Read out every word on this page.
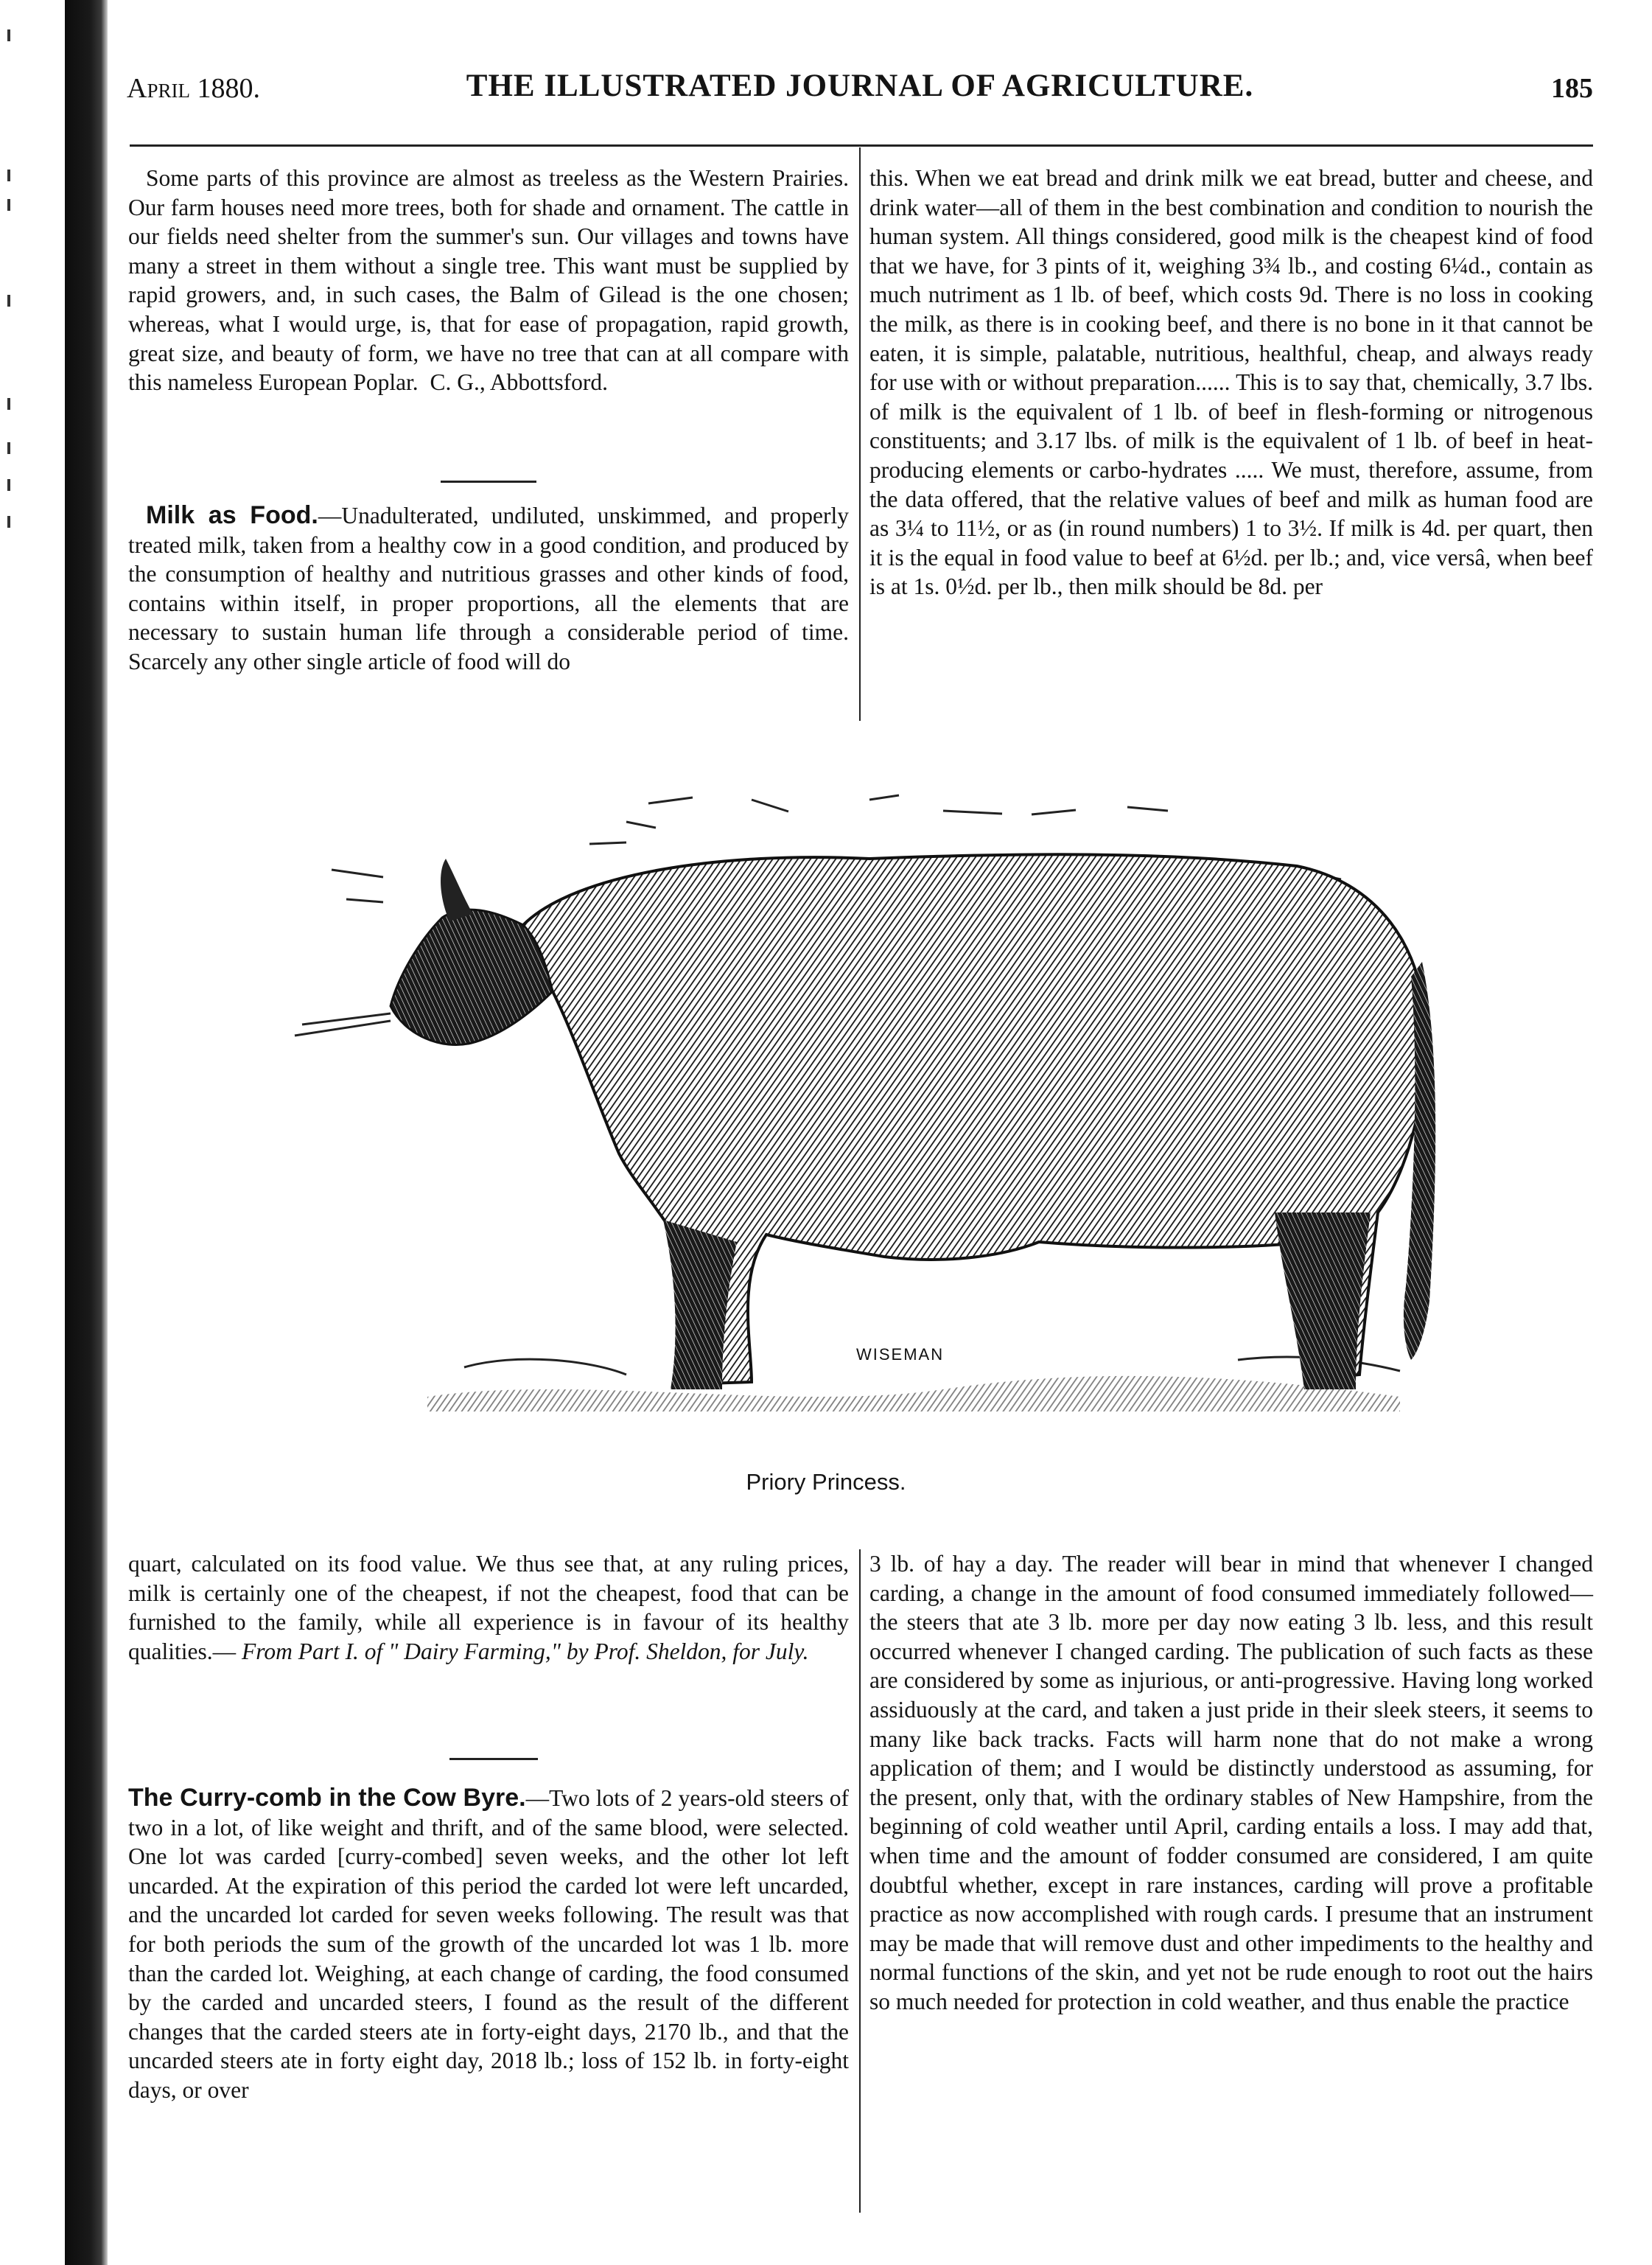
April 1880.	THE ILLUSTRATED JOURNAL OF AGRICULTURE.	185

Some parts of this province are almost as treeless as the Western Prairies. Our farm houses need more trees, both for shade and ornament. The cattle in our fields need shelter from the summer's sun. Our villages and towns have many a street in them without a single tree. This want must be supplied by rapid growers, and, in such cases, the Balm of Gilead is the one chosen; whereas, what I would urge, is, that for ease of propagation, rapid growth, great size, and beauty of form, we have no tree that can at all compare with this nameless European Poplar. C. G., Abbottsford.

Milk as Food.—Unadulterated, undiluted, unskimmed, and properly treated milk, taken from a healthy cow in a good condition, and produced by the consumption of healthy and nutritious grasses and other kinds of food, contains within itself, in proper proportions, all the elements that are necessary to sustain human life through a considerable period of time. Scarcely any other single article of food will do

this. When we eat bread and drink milk we eat bread, butter and cheese, and drink water—all of them in the best combination and condition to nourish the human system. All things considered, good milk is the cheapest kind of food that we have, for 3 pints of it, weighing 3¾ lb., and costing 6¼d., contain as much nutriment as 1 lb. of beef, which costs 9d. There is no loss in cooking the milk, as there is in cooking beef, and there is no bone in it that cannot be eaten, it is simple, palatable, nutritious, healthful, cheap, and always ready for use with or without preparation...... This is to say that, chemically, 3.7 lbs. of milk is the equivalent of 1 lb. of beef in flesh-forming or nitrogenous constituents; and 3.17 lbs. of milk is the equivalent of 1 lb. of beef in heat-producing elements or carbo-hydrates ..... We must, therefore, assume, from the data offered, that the relative values of beef and milk as human food are as 3¼ to 11½, or as (in round numbers) 1 to 3½. If milk is 4d. per quart, then it is the equal in food value to beef at 6½d. per lb.; and, vice versâ, when beef is at 1s. 0½d. per lb., then milk should be 8d. per

WISEMAN
Priory Princess.

quart, calculated on its food value. We thus see that, at any ruling prices, milk is certainly one of the cheapest, if not the cheapest, food that can be furnished to the family, while all experience is in favour of its healthy qualities.— From Part I. of " Dairy Farming," by Prof. Sheldon, for July.

The Curry-comb in the Cow Byre.—Two lots of 2 years-old steers of two in a lot, of like weight and thrift, and of the same blood, were selected. One lot was carded [curry-combed] seven weeks, and the other lot left uncarded. At the expiration of this period the carded lot were left uncarded, and the uncarded lot carded for seven weeks following. The result was that for both periods the sum of the growth of the uncarded lot was 1 lb. more than the carded lot. Weighing, at each change of carding, the food consumed by the carded and uncarded steers, I found as the result of the different changes that the carded steers ate in forty-eight days, 2170 lb., and that the uncarded steers ate in forty eight day, 2018 lb.; loss of 152 lb. in forty-eight days, or over

3 lb. of hay a day. The reader will bear in mind that whenever I changed carding, a change in the amount of food consumed immediately followed—the steers that ate 3 lb. more per day now eating 3 lb. less, and this result occurred whenever I changed carding. The publication of such facts as these are considered by some as injurious, or anti-progressive. Having long worked assiduously at the card, and taken a just pride in their sleek steers, it seems to many like back tracks. Facts will harm none that do not make a wrong application of them; and I would be distinctly understood as assuming, for the present, only that, with the ordinary stables of New Hampshire, from the beginning of cold weather until April, carding entails a loss. I may add that, when time and the amount of fodder consumed are considered, I am quite doubtful whether, except in rare instances, carding will prove a profitable practice as now accomplished with rough cards. I presume that an instrument may be made that will remove dust and other impediments to the healthy and normal functions of the skin, and yet not be rude enough to root out the hairs so much needed for protection in cold weather, and thus enable the practice
